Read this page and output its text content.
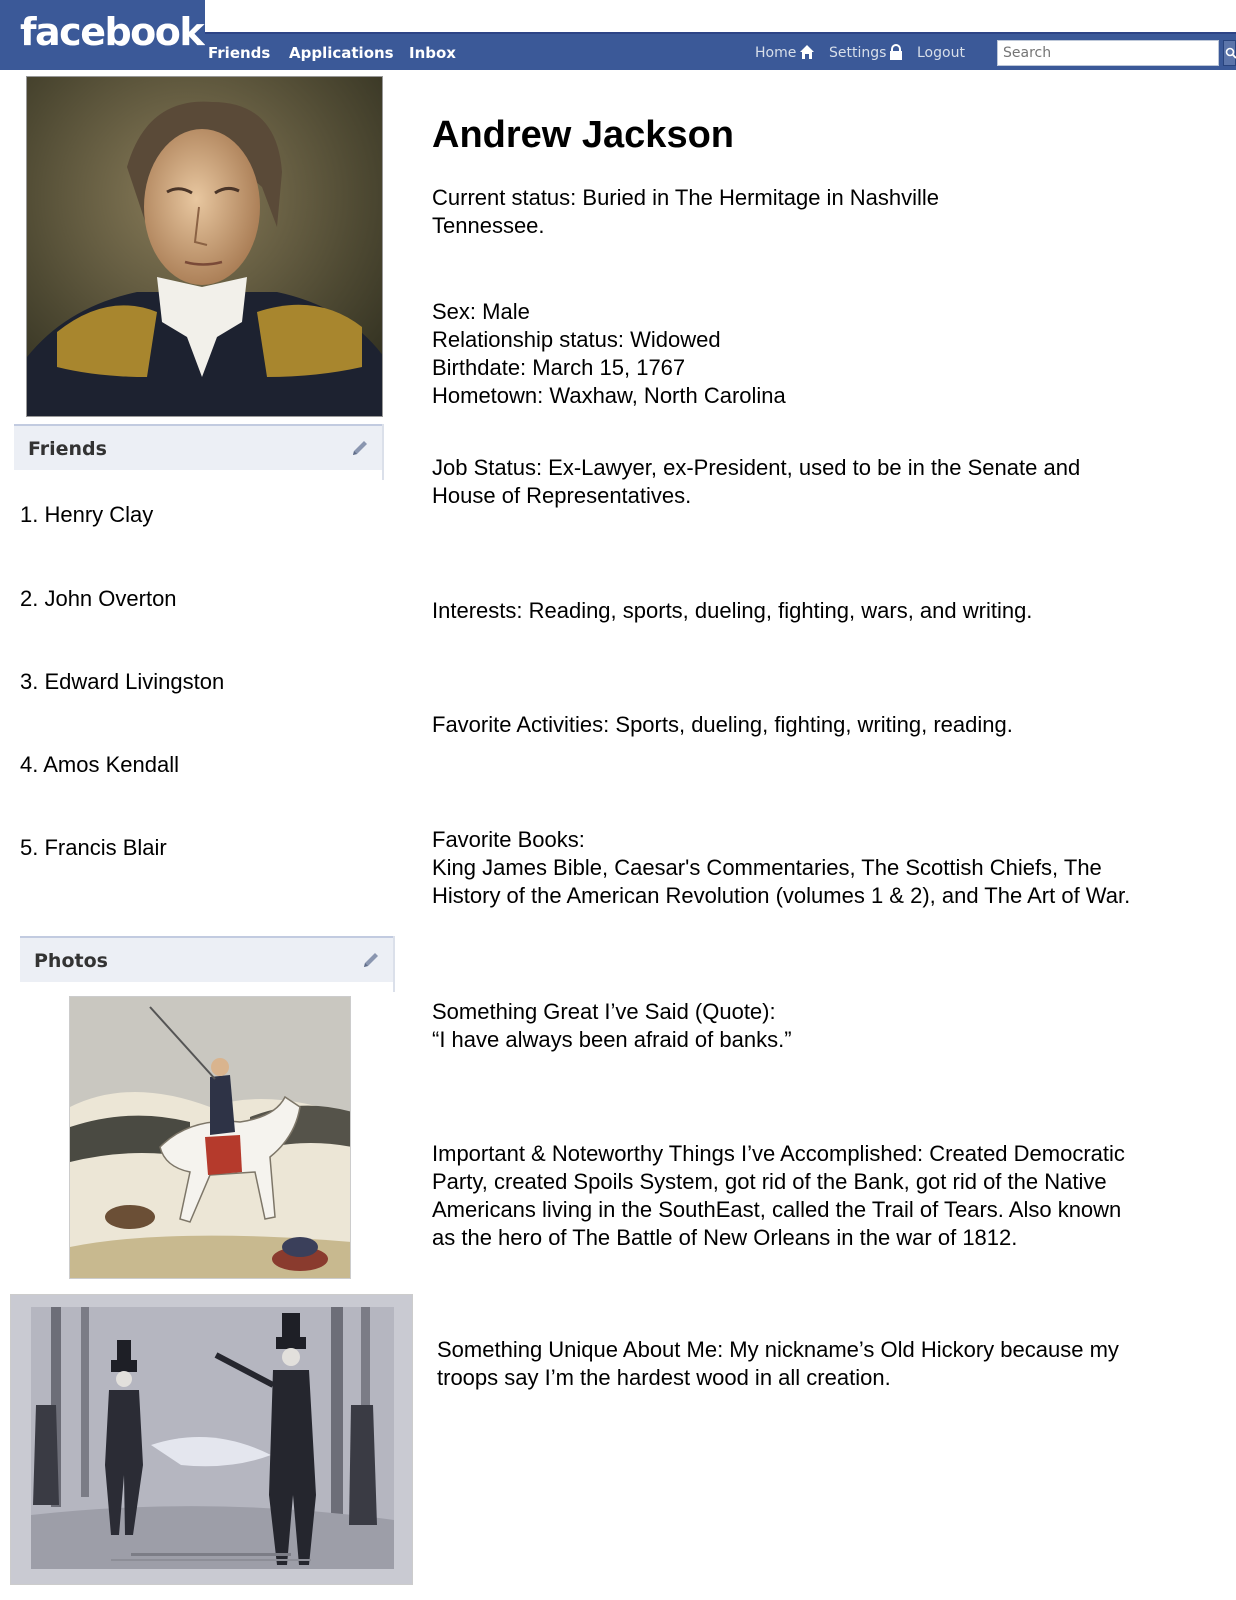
facebook Friends Applications Inbox	Home Settings Logout
Search
Friends
1. Henry Clay
2. John Overton
3. Edward Livingston
4. Amos Kendall
5. Francis Blair
Photos
Andrew Jackson
Current status: Buried in The Hermitage in Nashville
Tennessee.
Sex: Male
Relationship status: Widowed
Birthdate: March 15, 1767
Hometown: Waxhaw, North Carolina
Job Status: Ex-Lawyer, ex-President, used to be in the Senate and
House of Representatives.
Interests: Reading, sports, dueling, fighting, wars, and writing.
Favorite Activities: Sports, dueling, fighting, writing, reading.
Favorite Books:
King James Bible, Caesar's Commentaries, The Scottish Chiefs, The
History of the American Revolution (volumes 1 & 2), and The Art of War.
Something Great I’ve Said (Quote):
“I have always been afraid of banks.”
Important & Noteworthy Things I’ve Accomplished: Created Democratic
Party, created Spoils System, got rid of the Bank, got rid of the Native
Americans living in the SouthEast, called the Trail of Tears. Also known
as the hero of The Battle of New Orleans in the war of 1812.
Something Unique About Me: My nickname’s Old Hickory because my
troops say I’m the hardest wood in all creation.
